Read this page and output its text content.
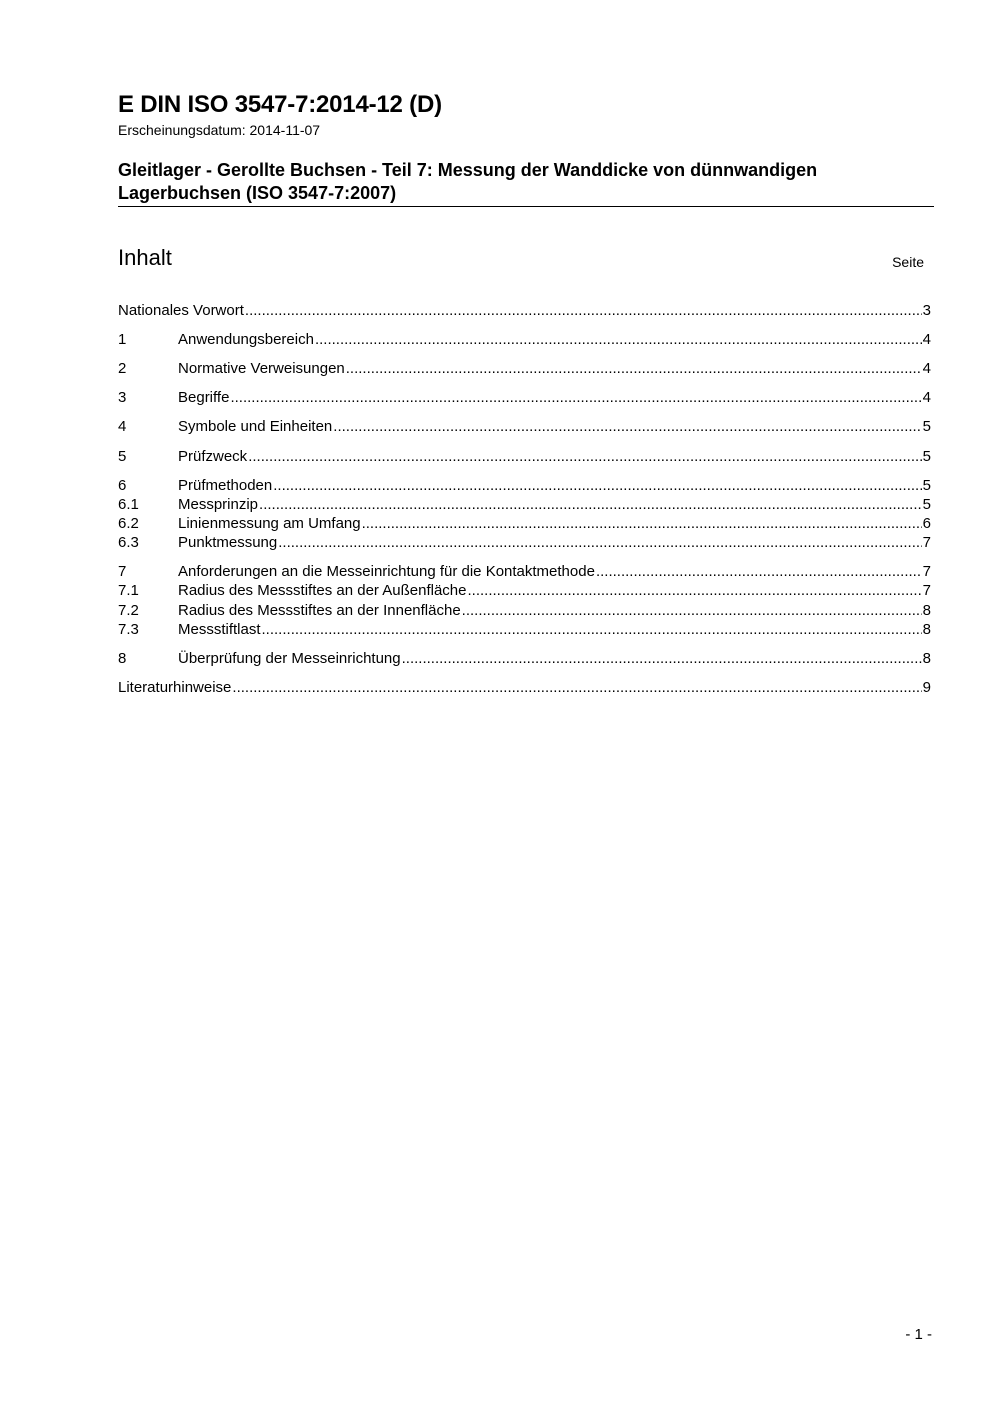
E DIN ISO 3547-7:2014-12 (D)
Erscheinungsdatum: 2014-11-07
Gleitlager - Gerollte Buchsen - Teil 7: Messung der Wanddicke von dünnwandigen Lagerbuchsen (ISO 3547-7:2007)
Inhalt	Seite
Nationales Vorwort .....	3
1	Anwendungsbereich .....	4
2	Normative Verweisungen .....	4
3	Begriffe .....	4
4	Symbole und Einheiten .....	5
5	Prüfzweck .....	5
6	Prüfmethoden .....	5
6.1	Messprinzip .....	5
6.2	Linienmessung am Umfang .....	6
6.3	Punktmessung .....	7
7	Anforderungen an die Messeinrichtung für die Kontaktmethode .....	7
7.1	Radius des Messstiftes an der Außenfläche .....	7
7.2	Radius des Messstiftes an der Innenfläche .....	8
7.3	Messstiftlast .....	8
8	Überprüfung der Messeinrichtung .....	8
Literaturhinweise .....	9
- 1 -
